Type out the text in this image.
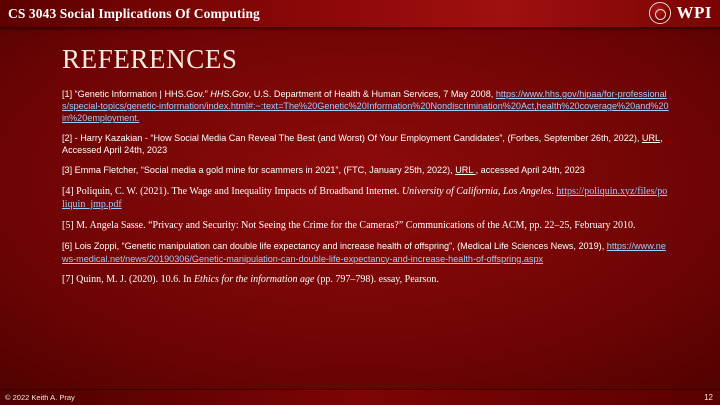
CS 3043 Social Implications Of Computing	WPI
REFERENCES
[1] “Genetic Information | HHS.Gov.” HHS.Gov, U.S. Department of Health & Human Services, 7 May 2008, https://www.hhs.gov/hipaa/for-professionals/special-topics/genetic-information/index.html#:~:text=The%20Genetic%20Information%20Nondiscrimination%20Act,health%20coverage%20and%20in%20employment.
[2] - Harry Kazakian - “How Social Media Can Reveal The Best (and Worst) Of Your Employment Candidates”, (Forbes, September 26th, 2022), URL, Accessed April 24th, 2023
[3] Emma Fletcher, “Social media a gold mine for scammers in 2021”, (FTC, January 25th, 2022), URL , accessed April 24th, 2023
[4] Poliquin, C. W. (2021). The Wage and Inequality Impacts of Broadband Internet. University of California, Los Angeles. https://poliquin.xyz/files/poliquin_jmp.pdf
[5] M. Angela Sasse. “Privacy and Security: Not Seeing the Crime for the Cameras?” Communications of the ACM, pp. 22–25, February 2010.
[6] Lois Zoppi, “Genetic manipulation can double life expectancy and increase health of offspring”, (Medical Life Sciences News, 2019), https://www.news-medical.net/news/20190306/Genetic-manipulation-can-double-life-expectancy-and-increase-health-of-offspring.aspx
[7] Quinn, M. J. (2020). 10.6. In Ethics for the information age (pp. 797–798). essay, Pearson.
© 2022 Keith A. Pray	12
